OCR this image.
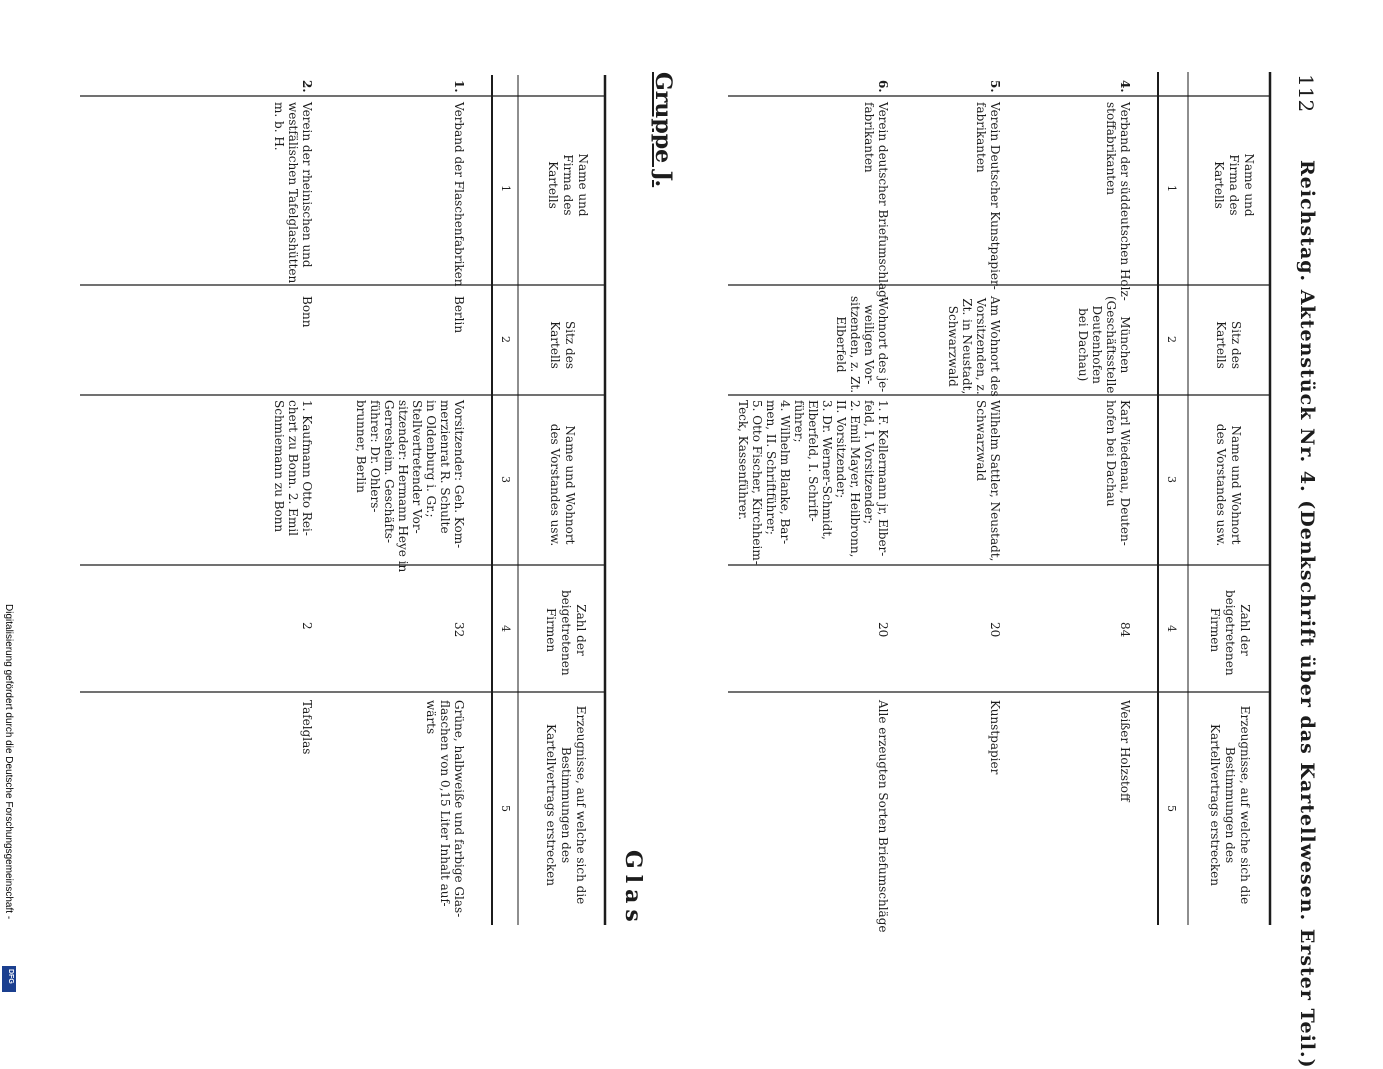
112
Reichstag. Aktenstück Nr. 4. (Denkschrift über das Kartellwesen. Erster Teil.)
Name und Firma des Kartells
Sitz des Kartells
Name und Wohnort des Vorstandes usw.
Zahl der beigetretenen Firmen
Erzeugnisse, auf welche sich die Bestimmungen des Kartellvertrags erstrecken
1
2
3
4
5
4.
Verband der süddeutschen Holz-
stoffabrikanten
München
(Geschäftsstelle
Deutenhofen
bei Dachau)
Karl Wiedenau, Deuten-
hofen bei Dachau
84
Weißer Holzstoff
5.
Verein Deutscher Kunstpapier-
fabrikanten
Am Wohnort des
Vorsitzenden, z.
Zt. in Neustadt,
Schwarzwald
Wilhelm Sattler, Neustadt,
Schwarzwald
20
Kunstpapier
6.
Verein deutscher Briefumschlag-
fabrikanten
Wohnort des je-
weiligen Vor-
sitzenden, z. Zt.
Elberfeld
1. F. Kellermann jr, Elber-
feld, I. Vorsitzender;
2. Emil Mayer, Heilbronn,
II. Vorsitzender;
3. Dr. Werner-Schmidt,
Elberfeld, I. Schrift-
führer;
4. Wilhelm Blanke, Bar-
men, II. Schriftführer;
5. Otto Fischer, Kirchheim-
Teck, Kassenführer.
20
Alle erzeugten Sorten Briefumschläge
Gruppe J.
Glas
Name und Firma des Kartells
Sitz des Kartells
Name und Wohnort des Vorstandes usw.
Zahl der beigetretenen Firmen
Erzeugnisse, auf welche sich die Bestimmungen des Kartellvertrags erstrecken
1
2
3
4
5
1.
Verband der Flaschenfabriken
Berlin
Vorsitzender: Geh. Kom-
merzienrat R. Schulte
in Oldenburg i. Gr.;
Stellvertretender Vor-
sitzender: Hermann Heye in
Gerresheim. Geschäfts-
führer: Dr. Ohlers-
brunner, Berlin
32
Grüne, halbweiße und farbige Glas-
flaschen von 0,15 Liter Inhalt auf-
wärts
2.
Verein der rheinischen und
westfälischen Tafelglashütten
m. b. H.
Bonn
1. Kaufmann Otto Rei-
chert zu Bonn. 2. Emil
Schmiemann zu Bonn
2
Tafelglas
Digitalisierung gefördert durch die Deutsche Forschungsgemeinschaft -
DFG
